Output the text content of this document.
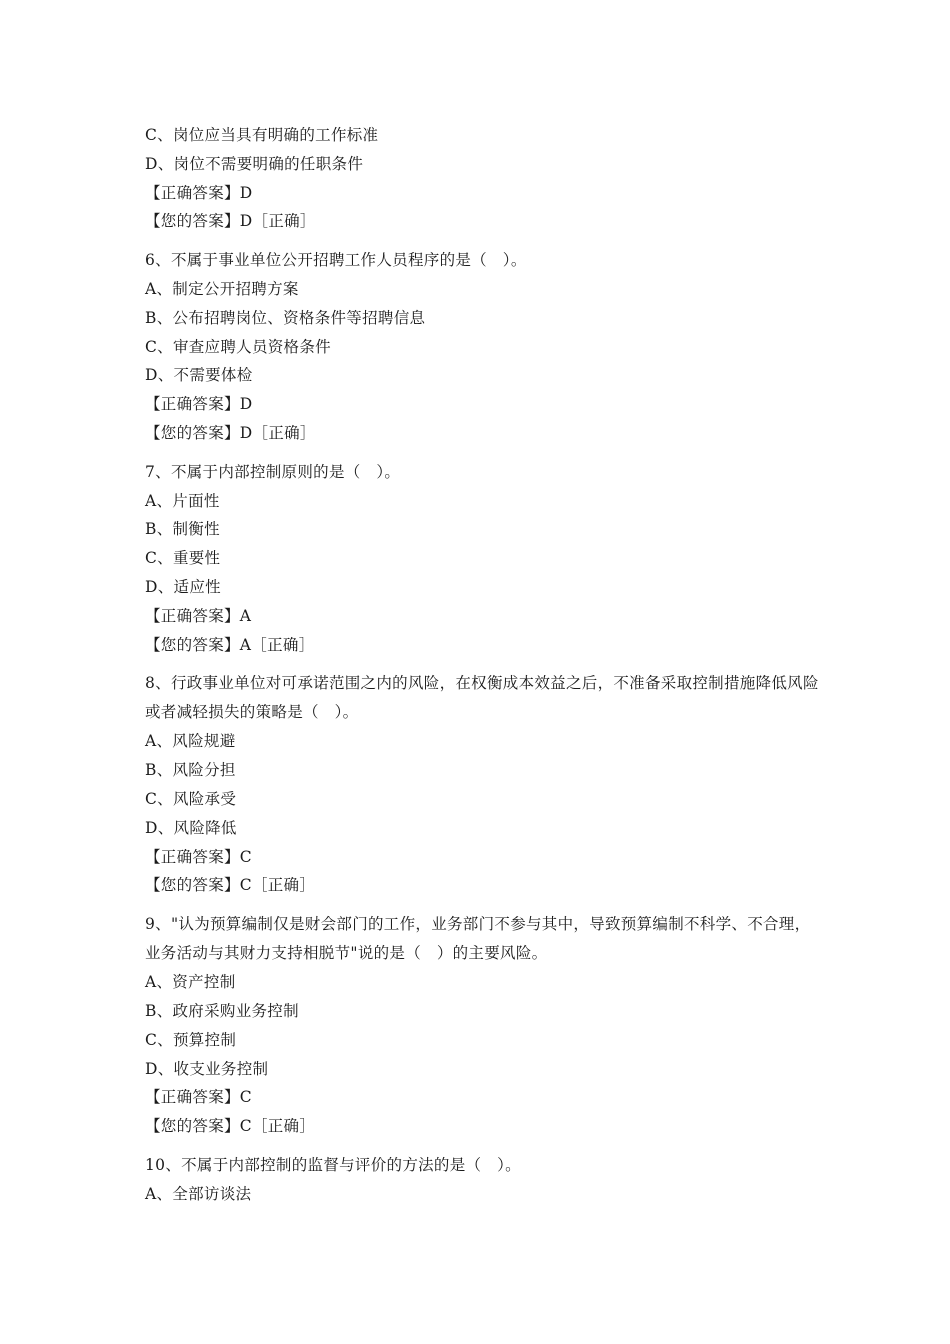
C、岗位应当具有明确的工作标准
D、岗位不需要明确的任职条件
【正确答案】D
【您的答案】D［正确］
6、不属于事业单位公开招聘工作人员程序的是（　）。
A、制定公开招聘方案
B、公布招聘岗位、资格条件等招聘信息
C、审查应聘人员资格条件
D、不需要体检
【正确答案】D
【您的答案】D［正确］
7、不属于内部控制原则的是（　）。
A、片面性
B、制衡性
C、重要性
D、适应性
【正确答案】A
【您的答案】A［正确］
8、行政事业单位对可承诺范围之内的风险，在权衡成本效益之后，不准备采取控制措施降低风险或者减轻损失的策略是（　）。
A、风险规避
B、风险分担
C、风险承受
D、风险降低
【正确答案】C
【您的答案】C［正确］
9、"认为预算编制仅是财会部门的工作，业务部门不参与其中，导致预算编制不科学、不合理，业务活动与其财力支持相脱节"说的是（　）的主要风险。
A、资产控制
B、政府采购业务控制
C、预算控制
D、收支业务控制
【正确答案】C
【您的答案】C［正确］
10、不属于内部控制的监督与评价的方法的是（　）。
A、全部访谈法
